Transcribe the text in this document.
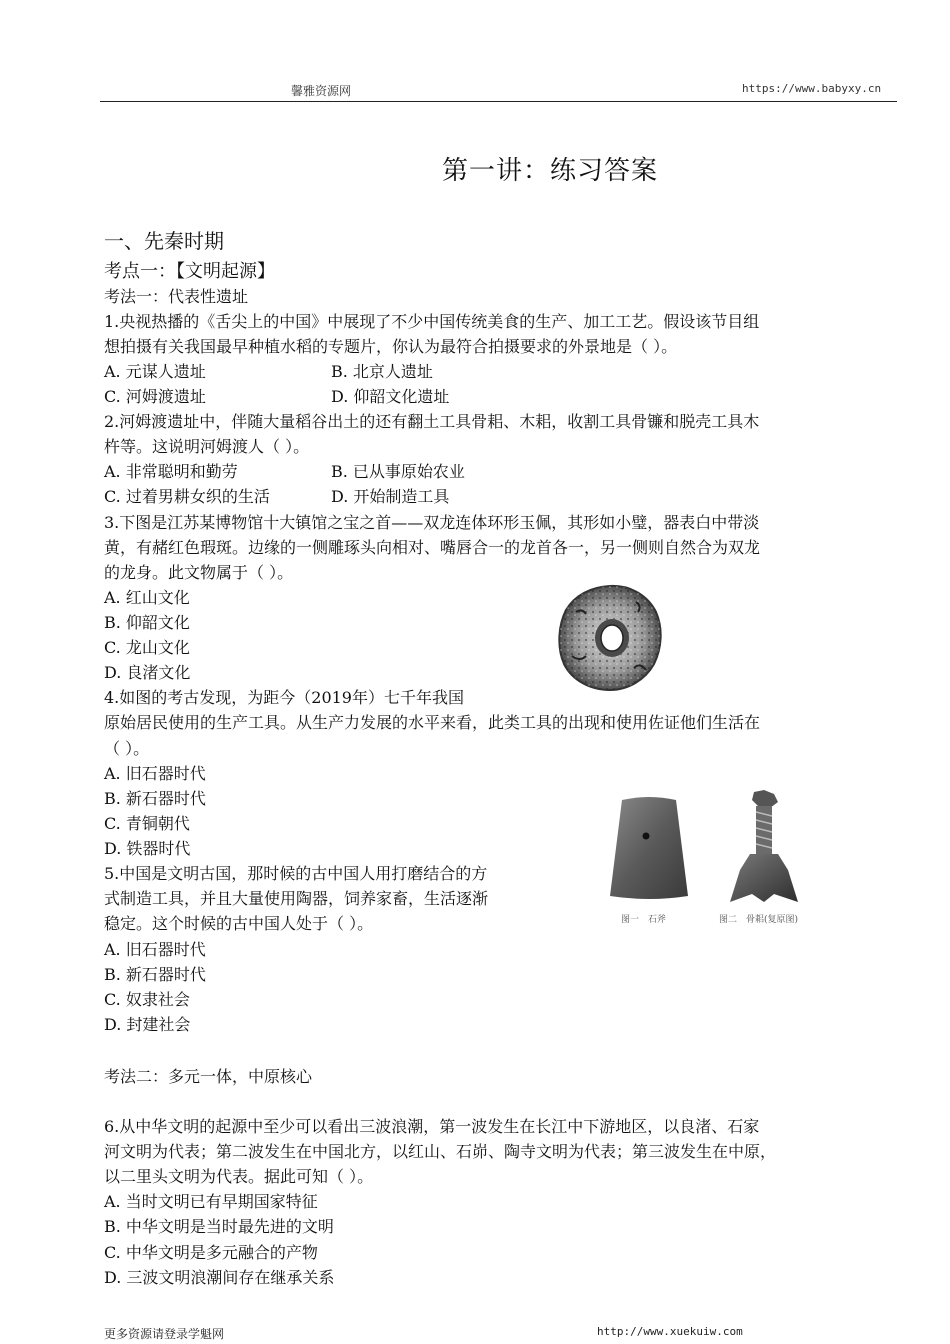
馨雅资源网	https://www.babyxy.cn
第一讲：练习答案
一、先秦时期
考点一：【文明起源】
考法一：代表性遗址
1.央视热播的《舌尖上的中国》中展现了不少中国传统美食的生产、加工工艺。假设该节目组
想拍摄有关我国最早种植水稻的专题片，你认为最符合拍摄要求的外景地是（ ）。
A. 元谋人遗址	B. 北京人遗址
C. 河姆渡遗址	D. 仰韶文化遗址
2.河姆渡遗址中，伴随大量稻谷出土的还有翻土工具骨耜、木耜，收割工具骨镰和脱壳工具木
杵等。这说明河姆渡人（ ）。
A. 非常聪明和勤劳	B. 已从事原始农业
C. 过着男耕女织的生活	D. 开始制造工具
3.下图是江苏某博物馆十大镇馆之宝之首——双龙连体环形玉佩，其形如小璧，器表白中带淡
黄，有赭红色瑕斑。边缘的一侧雕琢头向相对、嘴唇合一的龙首各一，另一侧则自然合为双龙
的龙身。此文物属于（ ）。
A. 红山文化
B. 仰韶文化
C. 龙山文化
D. 良渚文化
4.如图的考古发现，为距今（2019年）七千年我国
原始居民使用的生产工具。从生产力发展的水平来看，此类工具的出现和使用佐证他们生活在
（ ）。
A. 旧石器时代
B. 新石器时代
C. 青铜朝代
D. 铁器时代
图一　石斧	图二　骨耜(复原图)
5.中国是文明古国，那时候的古中国人用打磨结合的方
式制造工具，并且大量使用陶器，饲养家畜，生活逐渐
稳定。这个时候的古中国人处于（ ）。
A. 旧石器时代
B. 新石器时代
C. 奴隶社会
D. 封建社会
考法二：多元一体，中原核心
6.从中华文明的起源中至少可以看出三波浪潮，第一波发生在长江中下游地区，以良渚、石家
河文明为代表；第二波发生在中国北方，以红山、石峁、陶寺文明为代表；第三波发生在中原，
以二里头文明为代表。据此可知（ ）。
A. 当时文明已有早期国家特征
B. 中华文明是当时最先进的文明
C. 中华文明是多元融合的产物
D. 三波文明浪潮间存在继承关系
更多资源请登录学魁网	http://www.xuekuiw.com
